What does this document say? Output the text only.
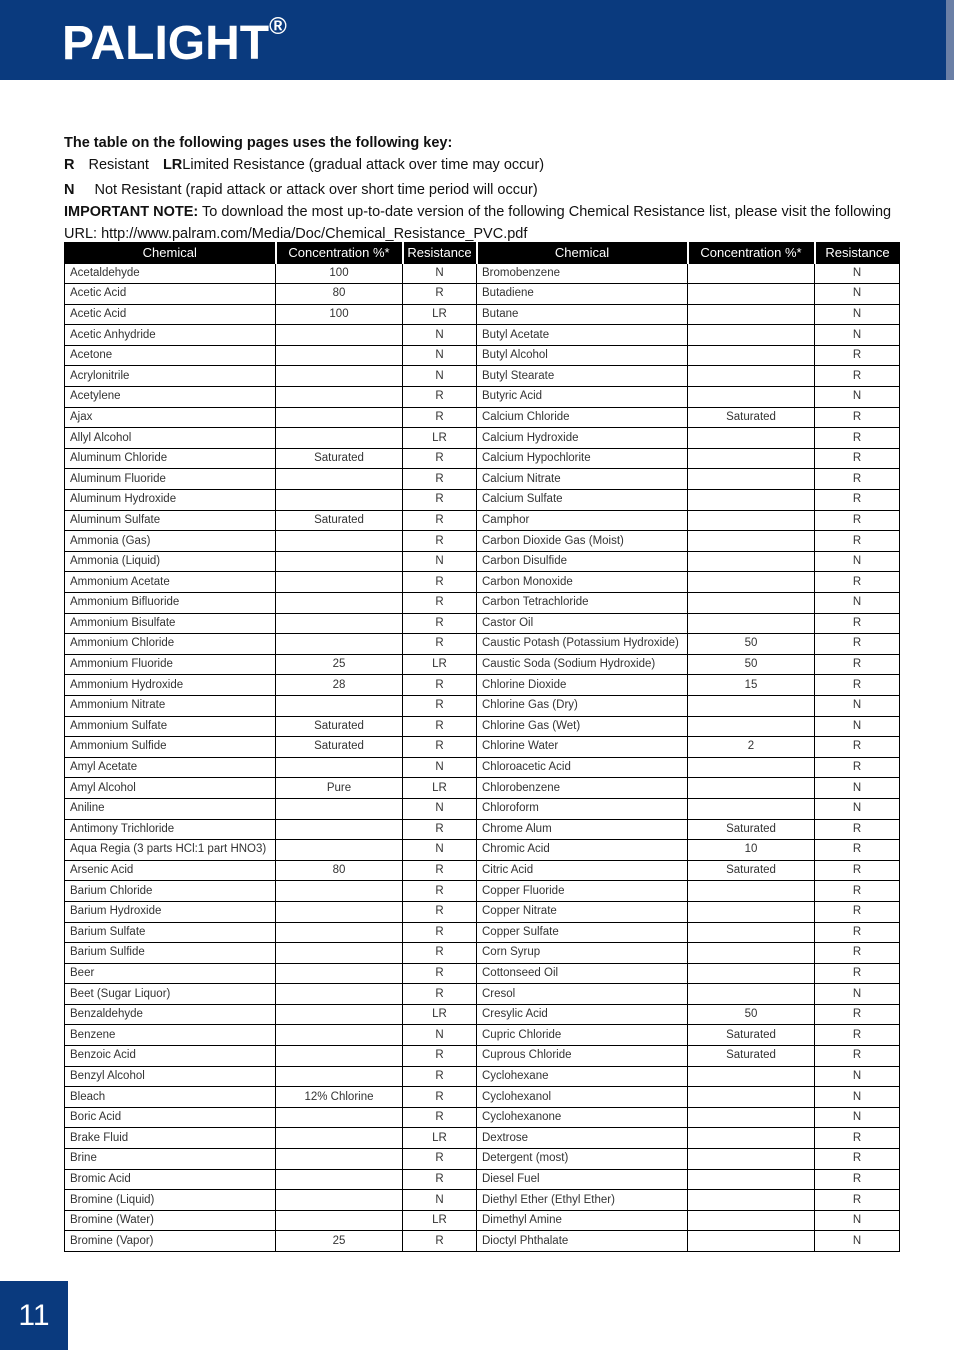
PALIGHT®
The table on the following pages uses the following key:
R Resistant LRLimited Resistance (gradual attack over time may occur)
N Not Resistant (rapid attack or attack over short time period will occur)
IMPORTANT NOTE: To download the most up-to-date version of the following Chemical Resistance list, please visit the following URL: http://www.palram.com/Media/Doc/Chemical_Resistance_PVC.pdf
Chemical	Concentration %*	Resistance	Chemical	Concentration %*	Resistance
Acetaldehyde	100	N	Bromobenzene		N
Acetic Acid	80	R	Butadiene		N
Acetic Acid	100	LR	Butane		N
Acetic Anhydride		N	Butyl Acetate		N
Acetone		N	Butyl Alcohol		R
Acrylonitrile		N	Butyl Stearate		R
Acetylene		R	Butyric Acid		N
Ajax		R	Calcium Chloride	Saturated	R
Allyl Alcohol		LR	Calcium Hydroxide		R
Aluminum Chloride	Saturated	R	Calcium Hypochlorite		R
Aluminum Fluoride		R	Calcium Nitrate		R
Aluminum Hydroxide		R	Calcium Sulfate		R
Aluminum Sulfate	Saturated	R	Camphor		R
Ammonia (Gas)		R	Carbon Dioxide Gas (Moist)		R
Ammonia (Liquid)		N	Carbon Disulfide		N
Ammonium Acetate		R	Carbon Monoxide		R
Ammonium Bifluoride		R	Carbon Tetrachloride		N
Ammonium Bisulfate		R	Castor Oil		R
Ammonium Chloride		R	Caustic Potash (Potassium Hydroxide)	50	R
Ammonium Fluoride	25	LR	Caustic Soda (Sodium Hydroxide)	50	R
Ammonium Hydroxide	28	R	Chlorine Dioxide	15	R
Ammonium Nitrate		R	Chlorine Gas (Dry)		N
Ammonium Sulfate	Saturated	R	Chlorine Gas (Wet)		N
Ammonium Sulfide	Saturated	R	Chlorine Water	2	R
Amyl Acetate		N	Chloroacetic Acid		R
Amyl Alcohol	Pure	LR	Chlorobenzene		N
Aniline		N	Chloroform		N
Antimony Trichloride		R	Chrome Alum	Saturated	R
Aqua Regia (3 parts HCl:1 part HNO3)		N	Chromic Acid	10	R
Arsenic Acid	80	R	Citric Acid	Saturated	R
Barium Chloride		R	Copper Fluoride		R
Barium Hydroxide		R	Copper Nitrate		R
Barium Sulfate		R	Copper Sulfate		R
Barium Sulfide		R	Corn Syrup		R
Beer		R	Cottonseed Oil		R
Beet (Sugar Liquor)		R	Cresol		N
Benzaldehyde		LR	Cresylic Acid	50	R
Benzene		N	Cupric Chloride	Saturated	R
Benzoic Acid		R	Cuprous Chloride	Saturated	R
Benzyl Alcohol		R	Cyclohexane		N
Bleach	12% Chlorine	R	Cyclohexanol		N
Boric Acid		R	Cyclohexanone		N
Brake Fluid		LR	Dextrose		R
Brine		R	Detergent (most)		R
Bromic Acid		R	Diesel Fuel		R
Bromine (Liquid)		N	Diethyl Ether (Ethyl Ether)		R
Bromine (Water)		LR	Dimethyl Amine		N
Bromine (Vapor)	25	R	Dioctyl Phthalate		N
11
